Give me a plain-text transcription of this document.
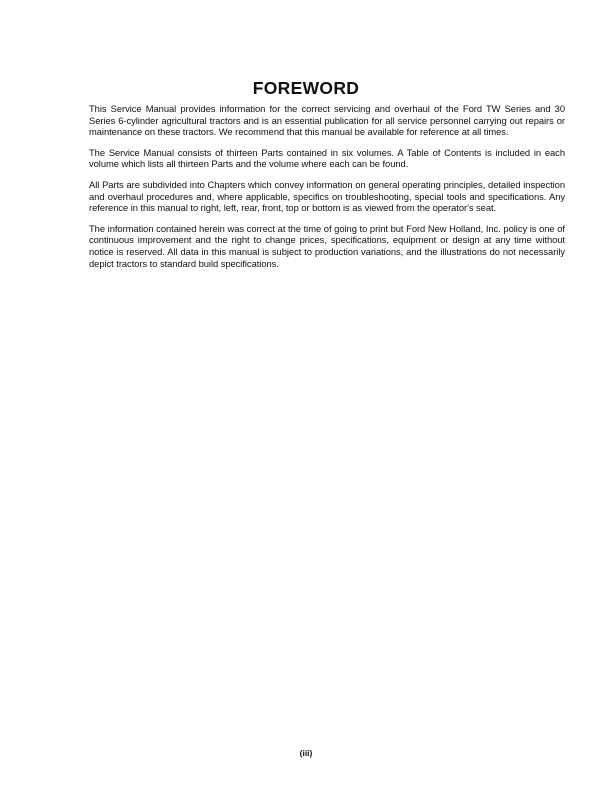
FOREWORD

This Service Manual provides information for the correct servicing and overhaul of the Ford TW Series and 30 Series 6-cylinder agricultural tractors and is an essential publication for all service personnel carrying out repairs or maintenance on these tractors. We recommend that this manual be available for reference at all times.

The Service Manual consists of thirteen Parts contained in six volumes. A Table of Contents is included in each volume which lists all thirteen Parts and the volume where each can be found.

All Parts are subdivided into Chapters which convey information on general operating principles, detailed inspection and overhaul procedures and, where applicable, specifics on troubleshooting, special tools and specifications. Any reference in this manual to right, left, rear, front, top or bottom is as viewed from the operator's seat.

The information contained herein was correct at the time of going to print but Ford New Holland, Inc. policy is one of continuous improvement and the right to change prices, specifications, equipment or design at any time without notice is reserved. All data in this manual is subject to production variations, and the illustrations do not necessarily depict tractors to standard build specifications.

(iii)
